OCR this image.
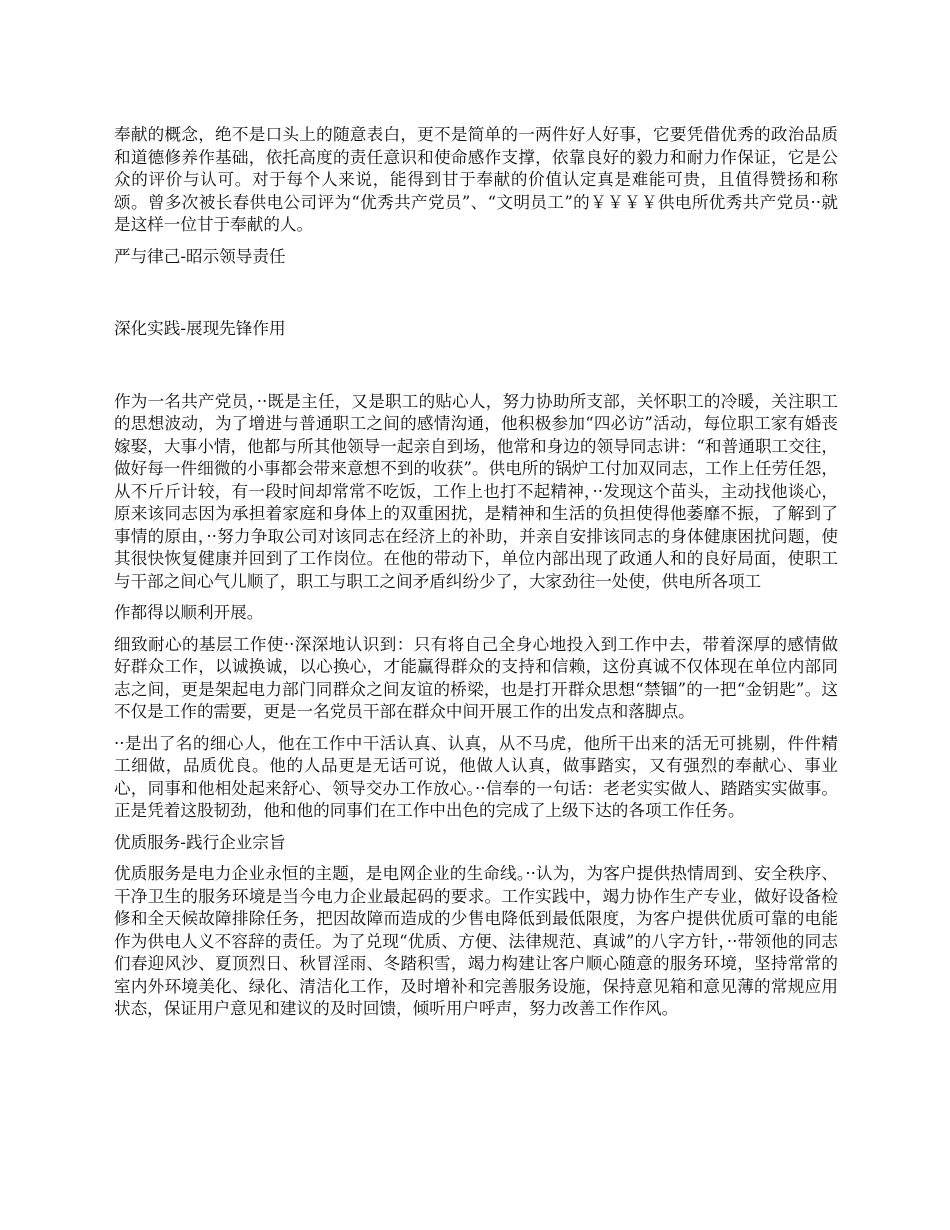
奉献的概念，绝不是口头上的随意表白，更不是简单的一两件好人好事，它要凭借优秀的政治品质和道德修养作基础，依托高度的责任意识和使命感作支撑，依靠良好的毅力和耐力作保证，它是公众的评价与认可。对于每个人来说，能得到甘于奉献的价值认定真是难能可贵，且值得赞扬和称颂。曾多次被长春供电公司评为“优秀共产党员”、“文明员工”的￥￥￥￥供电所优秀共产党员··就是这样一位甘于奉献的人。

严与律己-昭示领导责任

深化实践-展现先锋作用

作为一名共产党员，··既是主任，又是职工的贴心人，努力协助所支部，关怀职工的冷暖，关注职工的思想波动，为了增进与普通职工之间的感情沟通，他积极参加“四必访”活动，每位职工家有婚丧嫁娶，大事小情，他都与所其他领导一起亲自到场，他常和身边的领导同志讲：“和普通职工交往，做好每一件细微的小事都会带来意想不到的收获”。供电所的锅炉工付加双同志，工作上任劳任怨，从不斤斤计较，有一段时间却常常不吃饭，工作上也打不起精神，··发现这个苗头，主动找他谈心，原来该同志因为承担着家庭和身体上的双重困扰，是精神和生活的负担使得他萎靡不振，了解到了事情的原由，··努力争取公司对该同志在经济上的补助，并亲自安排该同志的身体健康困扰问题，使其很快恢复健康并回到了工作岗位。在他的带动下，单位内部出现了政通人和的良好局面，使职工与干部之间心气儿顺了，职工与职工之间矛盾纠纷少了，大家劲往一处使，供电所各项工

作都得以顺利开展。

细致耐心的基层工作使··深深地认识到：只有将自己全身心地投入到工作中去，带着深厚的感情做好群众工作，以诚换诚，以心换心，才能赢得群众的支持和信赖，这份真诚不仅体现在单位内部同志之间，更是架起电力部门同群众之间友谊的桥梁，也是打开群众思想“禁锢”的一把“金钥匙”。这不仅是工作的需要，更是一名党员干部在群众中间开展工作的出发点和落脚点。

··是出了名的细心人，他在工作中干活认真、认真，从不马虎，他所干出来的活无可挑剔，件件精工细做，品质优良。他的人品更是无话可说，他做人认真，做事踏实，又有强烈的奉献心、事业心，同事和他相处起来舒心、领导交办工作放心。··信奉的一句话：老老实实做人、踏踏实实做事。正是凭着这股韧劲，他和他的同事们在工作中出色的完成了上级下达的各项工作任务。

优质服务-践行企业宗旨

优质服务是电力企业永恒的主题，是电网企业的生命线。··认为，为客户提供热情周到、安全秩序、干净卫生的服务环境是当今电力企业最起码的要求。工作实践中，竭力协作生产专业，做好设备检修和全天候故障排除任务，把因故障而造成的少售电降低到最低限度，为客户提供优质可靠的电能作为供电人义不容辞的责任。为了兑现“优质、方便、法律规范、真诚”的八字方针，··带领他的同志们春迎风沙、夏顶烈日、秋冒淫雨、冬踏积雪，竭力构建让客户顺心随意的服务环境，坚持常常的室内外环境美化、绿化、清洁化工作，及时增补和完善服务设施，保持意见箱和意见薄的常规应用状态，保证用户意见和建议的及时回馈，倾听用户呼声，努力改善工作作风。
